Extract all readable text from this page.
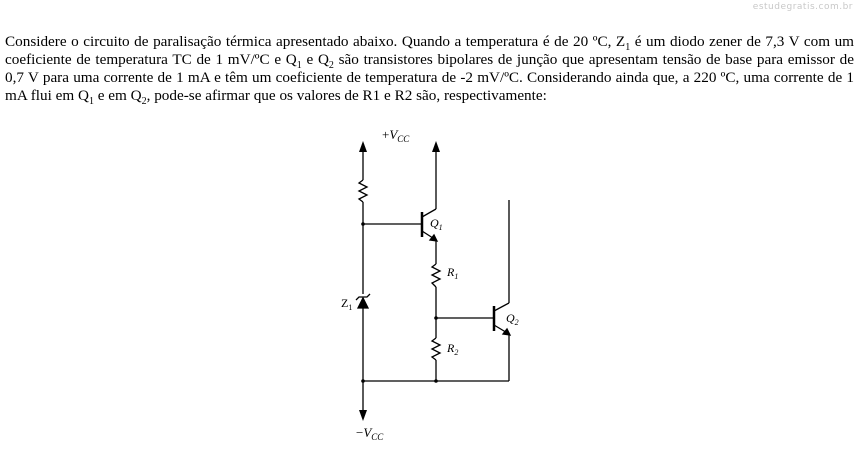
estudegratis.com.br

Considere o circuito de paralisação térmica apresentado abaixo. Quando a temperatura é de 20 ºC, $Z_1$ é um diodo zener de 7,3 V com um coeficiente de temperatura TC de 1 mV/ºC e $Q_1$ e $Q_2$ são transistores bipolares de junção que apresentam tensão de base para emissor de 0,7 V para uma corrente de 1 mA e têm um coeficiente de temperatura de -2 mV/ºC. Considerando ainda que, a 220 ºC, uma corrente de 1 mA flui em $Q_1$ e em $Q_2$, pode-se afirmar que os valores de R1 e R2 são, respectivamente:

$+V_{CC}$
$-V_{CC}$
$Q_1$
$Q_2$
$R_1$
$R_2$
$Z_1$
